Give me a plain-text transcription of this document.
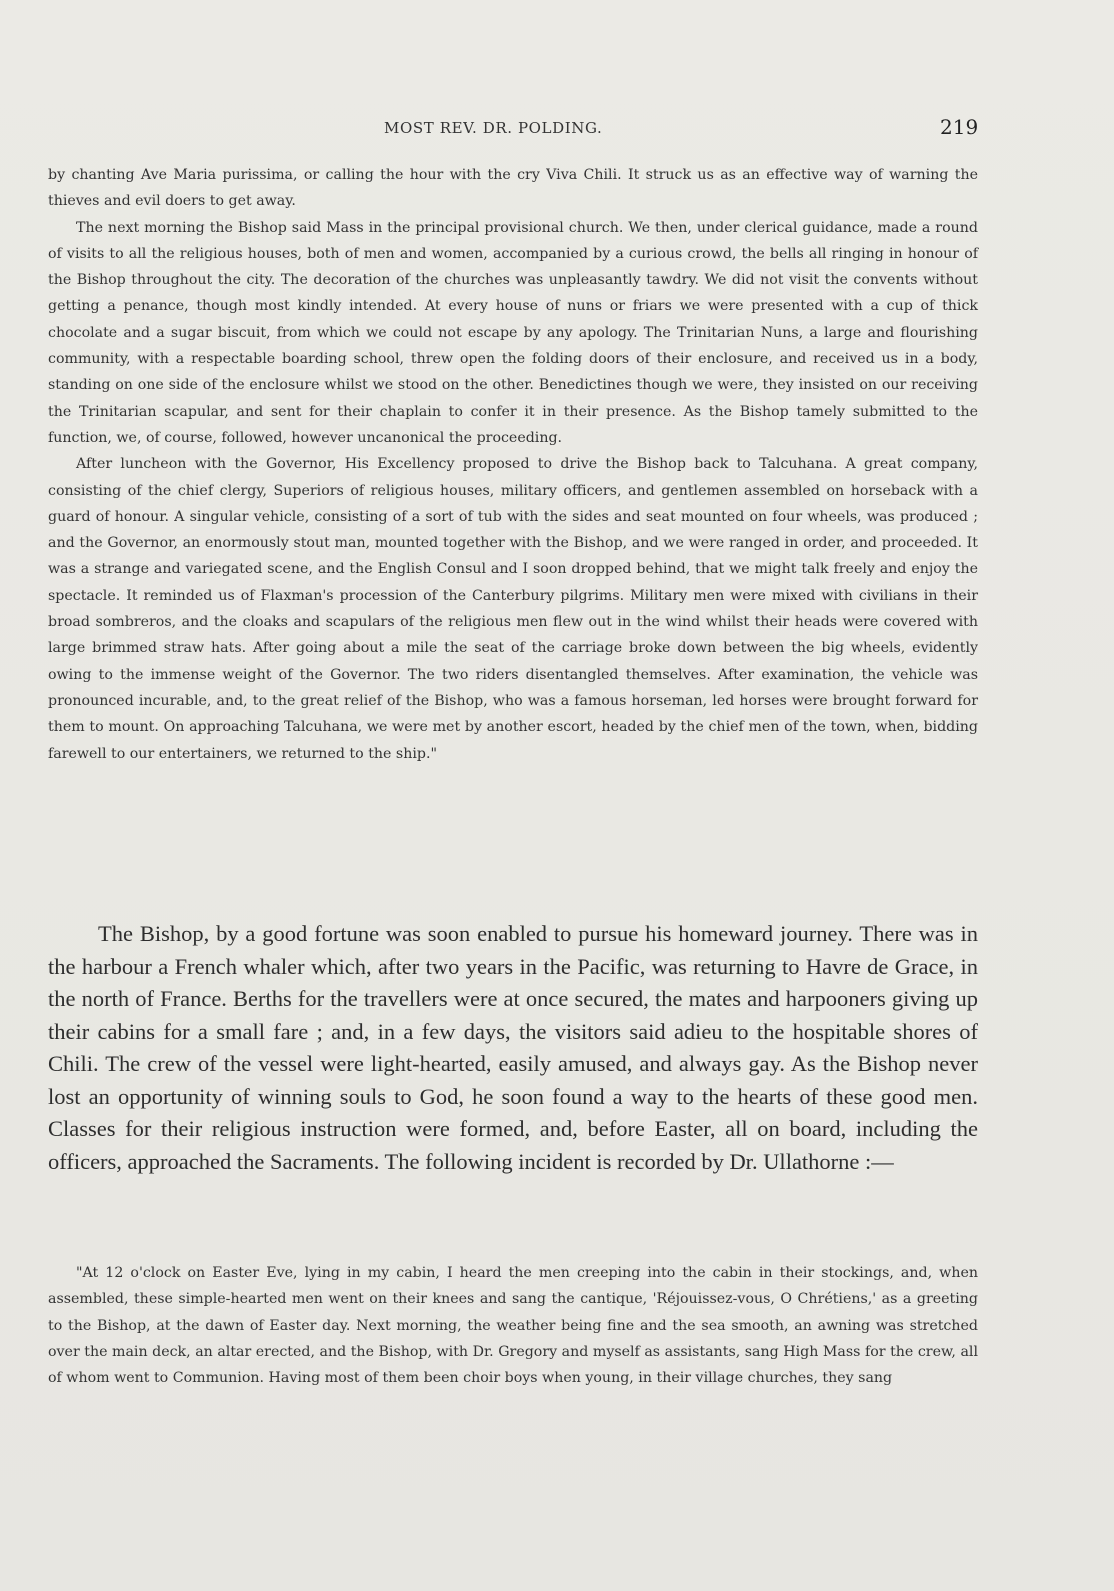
MOST REV. DR. POLDING.	219

by chanting Ave Maria purissima, or calling the hour with the cry Viva Chili. It struck us as an effective way of warning the thieves and evil doers to get away.

The next morning the Bishop said Mass in the principal provisional church. We then, under clerical guidance, made a round of visits to all the religious houses, both of men and women, accompanied by a curious crowd, the bells all ringing in honour of the Bishop throughout the city. The decoration of the churches was unpleasantly tawdry. We did not visit the convents without getting a penance, though most kindly intended. At every house of nuns or friars we were presented with a cup of thick chocolate and a sugar biscuit, from which we could not escape by any apology. The Trinitarian Nuns, a large and flourishing community, with a respectable boarding school, threw open the folding doors of their enclosure, and received us in a body, standing on one side of the enclosure whilst we stood on the other. Benedictines though we were, they insisted on our receiving the Trinitarian scapular, and sent for their chaplain to confer it in their presence. As the Bishop tamely submitted to the function, we, of course, followed, however uncanonical the proceeding.

After luncheon with the Governor, His Excellency proposed to drive the Bishop back to Talcuhana. A great company, consisting of the chief clergy, Superiors of religious houses, military officers, and gentlemen assembled on horseback with a guard of honour. A singular vehicle, consisting of a sort of tub with the sides and seat mounted on four wheels, was produced ; and the Governor, an enormously stout man, mounted together with the Bishop, and we were ranged in order, and proceeded. It was a strange and variegated scene, and the English Consul and I soon dropped behind, that we might talk freely and enjoy the spectacle. It reminded us of Flaxman's procession of the Canterbury pilgrims. Military men were mixed with civilians in their broad sombreros, and the cloaks and scapulars of the religious men flew out in the wind whilst their heads were covered with large brimmed straw hats. After going about a mile the seat of the carriage broke down between the big wheels, evidently owing to the immense weight of the Governor. The two riders disentangled themselves. After examination, the vehicle was pronounced incurable, and, to the great relief of the Bishop, who was a famous horseman, led horses were brought forward for them to mount. On approaching Talcuhana, we were met by another escort, headed by the chief men of the town, when, bidding farewell to our entertainers, we returned to the ship."

The Bishop, by a good fortune was soon enabled to pursue his homeward journey. There was in the harbour a French whaler which, after two years in the Pacific, was returning to Havre de Grace, in the north of France. Berths for the travellers were at once secured, the mates and harpooners giving up their cabins for a small fare ; and, in a few days, the visitors said adieu to the hospitable shores of Chili. The crew of the vessel were light-hearted, easily amused, and always gay. As the Bishop never lost an opportunity of winning souls to God, he soon found a way to the hearts of these good men. Classes for their religious instruction were formed, and, before Easter, all on board, including the officers, approached the Sacraments. The following incident is recorded by Dr. Ullathorne :—

"At 12 o'clock on Easter Eve, lying in my cabin, I heard the men creeping into the cabin in their stockings, and, when assembled, these simple-hearted men went on their knees and sang the cantique, 'Réjouissez-vous, O Chrétiens,' as a greeting to the Bishop, at the dawn of Easter day. Next morning, the weather being fine and the sea smooth, an awning was stretched over the main deck, an altar erected, and the Bishop, with Dr. Gregory and myself as assistants, sang High Mass for the crew, all of whom went to Communion. Having most of them been choir boys when young, in their village churches, they sang
